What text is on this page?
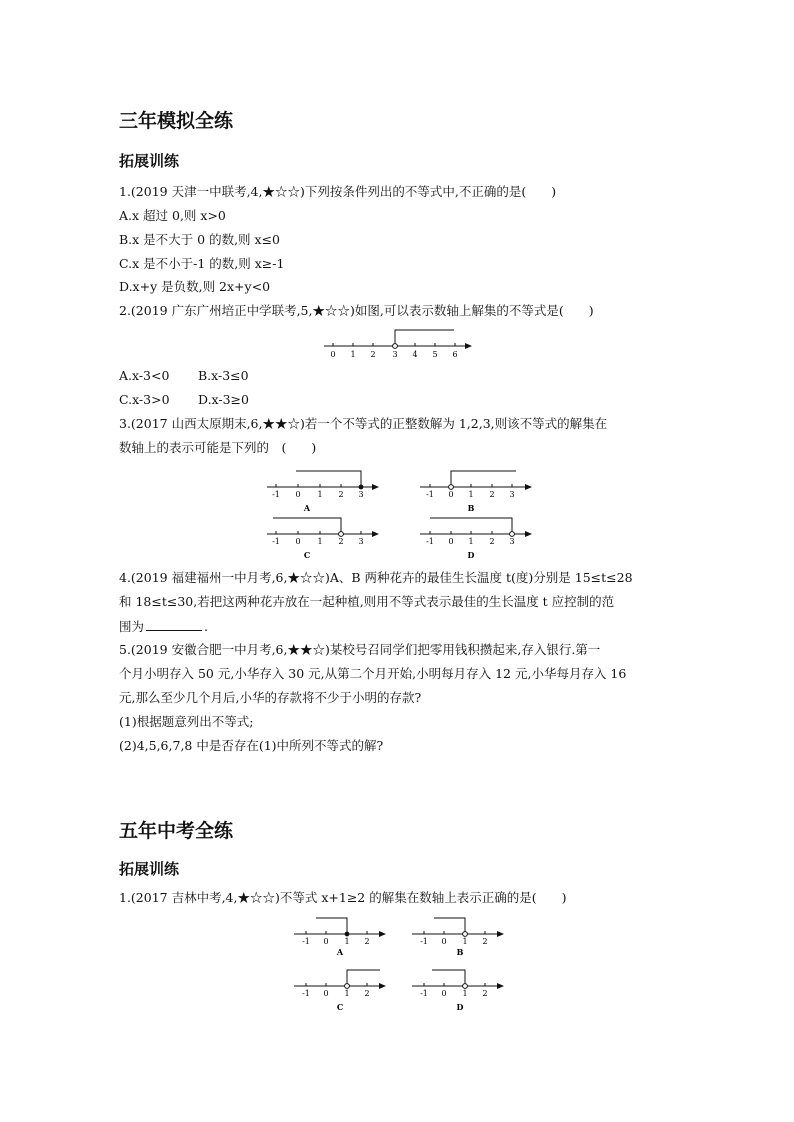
三年模拟全练
拓展训练
1.(2019 天津一中联考,4,★☆☆)下列按条件列出的不等式中,不正确的是(　　)
A.x 超过 0,则 x>0
B.x 是不大于 0 的数,则 x≤0
C.x 是不小于-1 的数,则 x≥-1
D.x+y 是负数,则 2x+y<0
2.(2019 广东广州培正中学联考,5,★☆☆)如图,可以表示数轴上解集的不等式是(　　)
0 1 2 3 4 5 6
A.x-3<0 B.x-3≤0
C.x-3>0 D.x-3≥0
3.(2017 山西太原期末,6,★★☆)若一个不等式的正整数解为 1,2,3,则该不等式的解集在
数轴上的表示可能是下列的　(　　)
-1 0 1 2 3
A
-1 0 1 2 3
B
-1 0 1 2 3
C
-1 0 1 2 3
D
4.(2019 福建福州一中月考,6,★☆☆)A、B 两种花卉的最佳生长温度 t(度)分别是 15≤t≤28
和 18≤t≤30,若把这两种花卉放在一起种植,则用不等式表示最佳的生长温度 t 应控制的范
围为	.
5.(2019 安徽合肥一中月考,6,★★☆)某校号召同学们把零用钱积攒起来,存入银行.第一
个月小明存入 50 元,小华存入 30 元,从第二个月开始,小明每月存入 12 元,小华每月存入 16
元,那么至少几个月后,小华的存款将不少于小明的存款?
(1)根据题意列出不等式;
(2)4,5,6,7,8 中是否存在(1)中所列不等式的解?
五年中考全练
拓展训练
1.(2017 吉林中考,4,★☆☆)不等式 x+1≥2 的解集在数轴上表示正确的是(　　)
-1 0 1 2
A
-1 0 1 2
B
-1 0 1 2
C
-1 0 1 2
D
